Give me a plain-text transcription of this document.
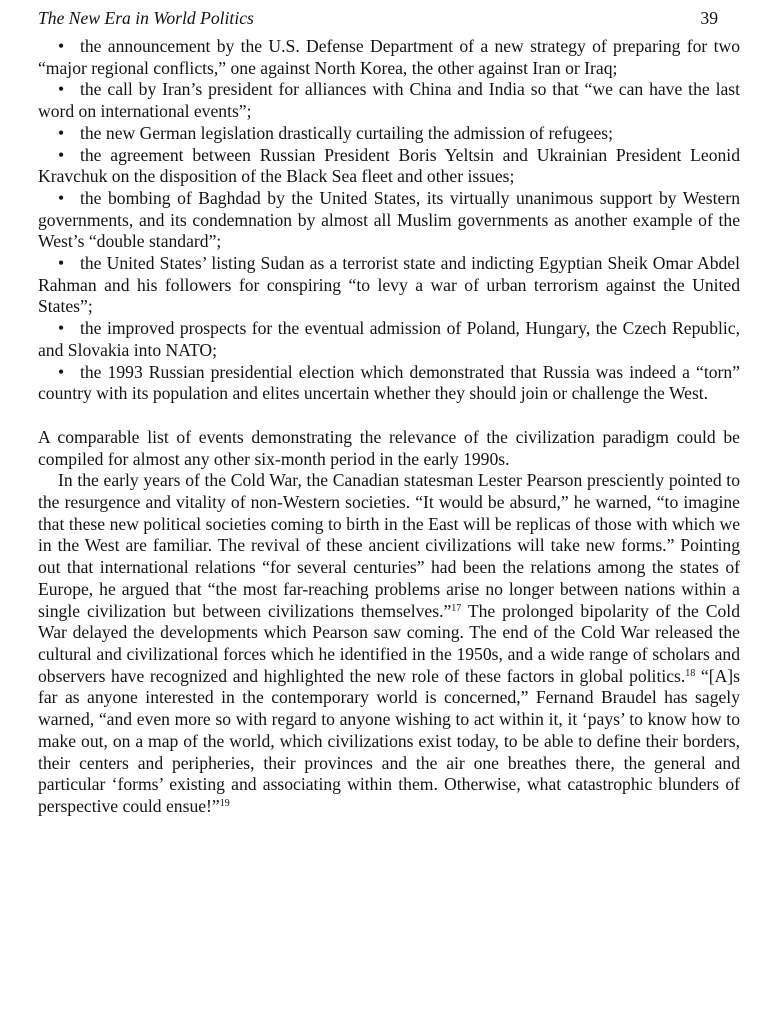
The New Era in World Politics	39
• the announcement by the U.S. Defense Department of a new strategy of preparing for two “major regional conflicts,” one against North Korea, the other against Iran or Iraq;
• the call by Iran’s president for alliances with China and India so that “we can have the last word on international events”;
• the new German legislation drastically curtailing the admission of refugees;
• the agreement between Russian President Boris Yeltsin and Ukrainian President Leonid Kravchuk on the disposition of the Black Sea fleet and other issues;
• the bombing of Baghdad by the United States, its virtually unanimous support by Western governments, and its condemnation by almost all Muslim governments as another example of the West’s “double standard”;
• the United States’ listing Sudan as a terrorist state and indicting Egyptian Sheik Omar Abdel Rahman and his followers for conspiring “to levy a war of urban terrorism against the United States”;
• the improved prospects for the eventual admission of Poland, Hungary, the Czech Republic, and Slovakia into NATO;
• the 1993 Russian presidential election which demonstrated that Russia was indeed a “torn” country with its population and elites uncertain whether they should join or challenge the West.

A comparable list of events demonstrating the relevance of the civilization paradigm could be compiled for almost any other six-month period in the early 1990s.

In the early years of the Cold War, the Canadian statesman Lester Pearson presciently pointed to the resurgence and vitality of non-Western societies. “It would be absurd,” he warned, “to imagine that these new political societies coming to birth in the East will be replicas of those with which we in the West are familiar. The revival of these ancient civilizations will take new forms.” Pointing out that international relations “for several centuries” had been the relations among the states of Europe, he argued that “the most far-reaching problems arise no longer between nations within a single civilization but between civilizations themselves.”$^{17}$ The prolonged bipolarity of the Cold War delayed the developments which Pearson saw coming. The end of the Cold War released the cultural and civilizational forces which he identified in the 1950s, and a wide range of scholars and observers have recognized and highlighted the new role of these factors in global politics.$^{18}$ “[A]s far as anyone interested in the contemporary world is concerned,” Fernand Braudel has sagely warned, “and even more so with regard to anyone wishing to act within it, it ‘pays’ to know how to make out, on a map of the world, which civilizations exist today, to be able to define their borders, their centers and peripheries, their provinces and the air one breathes there, the general and particular ‘forms’ existing and associating within them. Otherwise, what catastrophic blunders of perspective could ensue!”$^{19}$
